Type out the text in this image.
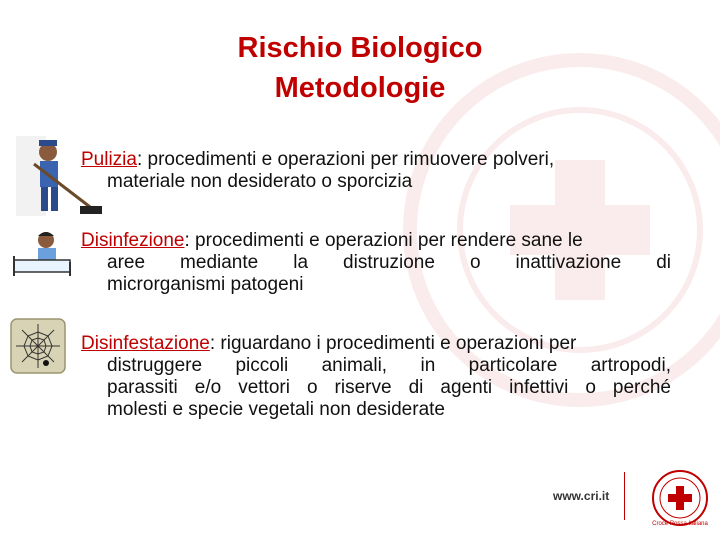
Rischio Biologico
Metodologie
Pulizia: procedimenti e operazioni per rimuovere polveri,
materiale non desiderato o sporcizia
Disinfezione: procedimenti e operazioni per rendere sane le
aree mediante la distruzione o inattivazione di
microrganismi patogeni
Disinfestazione: riguardano i procedimenti e operazioni per
distruggere piccoli animali, in particolare artropodi,
parassiti e/o vettori o riserve di agenti infettivi o perché
molesti e specie vegetali non desiderate
www.cri.it
Croce Rossa Italiana
